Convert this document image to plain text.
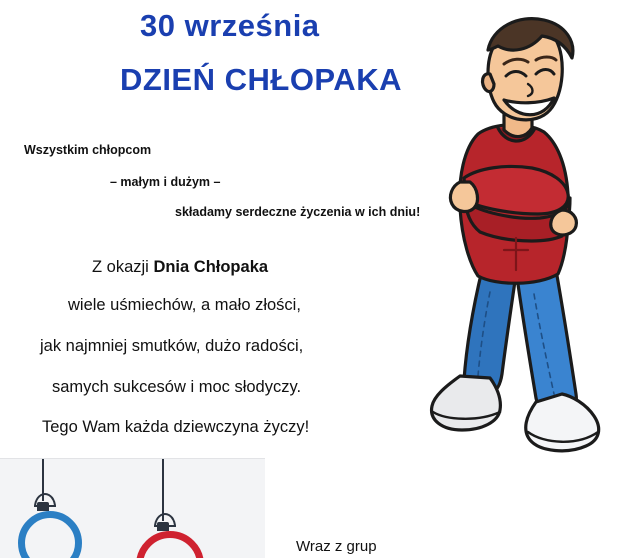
30 września
DZIEŃ CHŁOPAKA
Wszystkim chłopcom
– małym i dużym –
składamy serdeczne życzenia w ich dniu!
Z okazji Dnia Chłopaka
wiele uśmiechów, a mało złości,
jak najmniej smutków, dużo radości,
samych sukcesów i moc słodyczy.
Tego Wam każda dziewczyna życzy!
Wraz z grup
